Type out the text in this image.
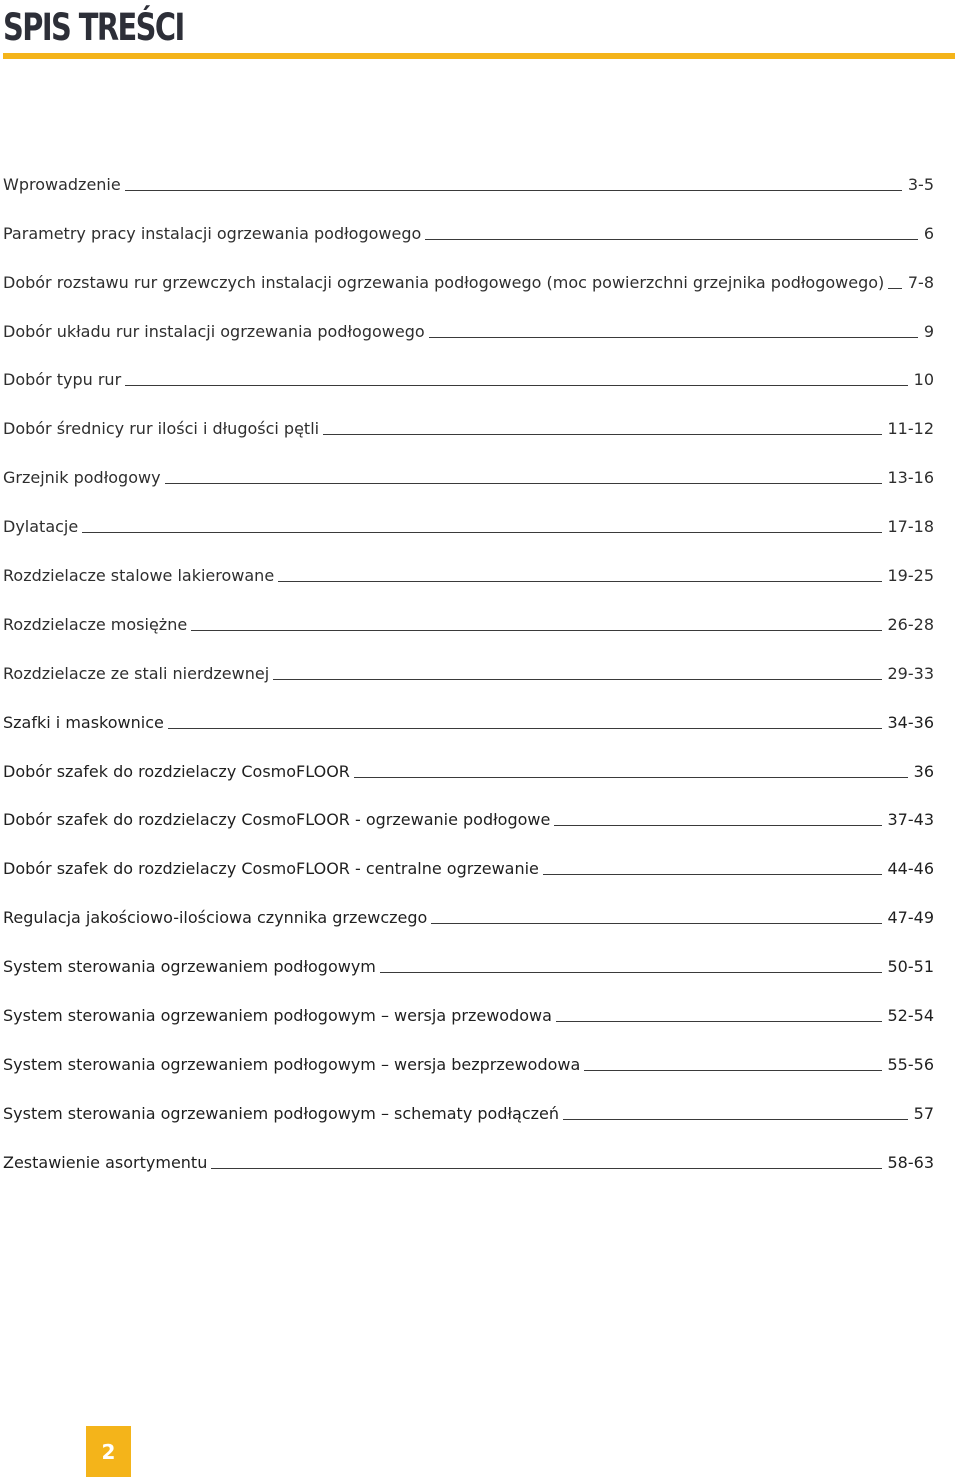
SPIS TREŚCI
Wprowadzenie	3-5
Parametry pracy instalacji ogrzewania podłogowego	6
Dobór rozstawu rur grzewczych instalacji ogrzewania podłogowego (moc powierzchni grzejnika podłogowego) 7-8
Dobór układu rur instalacji ogrzewania podłogowego	9
Dobór typu rur	10
Dobór średnicy rur ilości i długości pętli	11-12
Grzejnik podłogowy	13-16
Dylatacje	17-18
Rozdzielacze stalowe lakierowane	19-25
Rozdzielacze mosiężne	26-28
Rozdzielacze ze stali nierdzewnej	29-33
Szafki i maskownice	34-36
Dobór szafek do rozdzielaczy CosmoFLOOR	36
Dobór szafek do rozdzielaczy CosmoFLOOR - ogrzewanie podłogowe	37-43
Dobór szafek do rozdzielaczy CosmoFLOOR - centralne ogrzewanie	44-46
Regulacja jakościowo-ilościowa czynnika grzewczego	47-49
System sterowania ogrzewaniem podłogowym	50-51
System sterowania ogrzewaniem podłogowym – wersja przewodowa	52-54
System sterowania ogrzewaniem podłogowym – wersja bezprzewodowa	55-56
System sterowania ogrzewaniem podłogowym – schematy podłączeń	57
Zestawienie asortymentu	58-63
2
